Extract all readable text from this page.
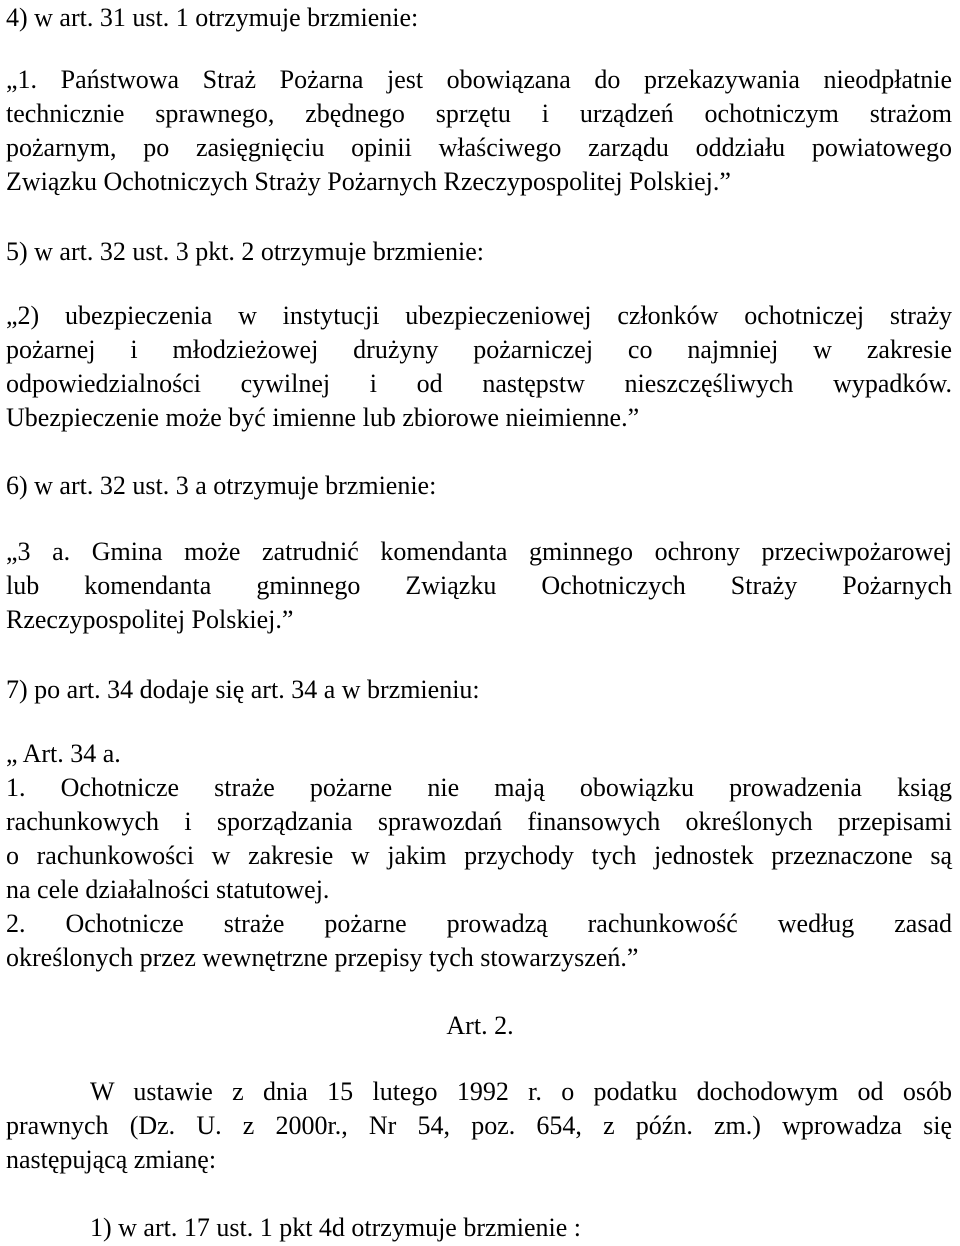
4) w art. 31 ust. 1 otrzymuje brzmienie:
„1. Państwowa Straż Pożarna jest obowiązana do przekazywania nieodpłatnie
technicznie sprawnego, zbędnego sprzętu i urządzeń ochotniczym strażom
pożarnym, po zasięgnięciu opinii właściwego zarządu oddziału powiatowego
Związku Ochotniczych Straży Pożarnych Rzeczypospolitej Polskiej.”
5) w art. 32 ust. 3 pkt. 2 otrzymuje brzmienie:
„2) ubezpieczenia w instytucji ubezpieczeniowej członków ochotniczej straży
pożarnej i młodzieżowej drużyny pożarniczej co najmniej w zakresie
odpowiedzialności cywilnej i od następstw nieszczęśliwych wypadków.
Ubezpieczenie może być imienne lub zbiorowe nieimienne.”
6) w art. 32 ust. 3 a otrzymuje brzmienie:
„3 a. Gmina może zatrudnić komendanta gminnego ochrony przeciwpożarowej
lub komendanta gminnego Związku Ochotniczych Straży Pożarnych
Rzeczypospolitej Polskiej.”
7) po art. 34 dodaje się art. 34 a w brzmieniu:
„ Art. 34 a.
1. Ochotnicze straże pożarne nie mają obowiązku prowadzenia ksiąg
rachunkowych i sporządzania sprawozdań finansowych określonych przepisami
o rachunkowości w zakresie w jakim przychody tych jednostek przeznaczone są
na cele działalności statutowej.
2. Ochotnicze straże pożarne prowadzą rachunkowość według zasad
określonych przez wewnętrzne przepisy tych stowarzyszeń.”
Art. 2.
W ustawie z dnia 15 lutego 1992 r. o podatku dochodowym od osób
prawnych (Dz. U. z 2000r., Nr 54, poz. 654, z późn. zm.) wprowadza się
następującą zmianę:
1) w art. 17 ust. 1 pkt 4d otrzymuje brzmienie :
